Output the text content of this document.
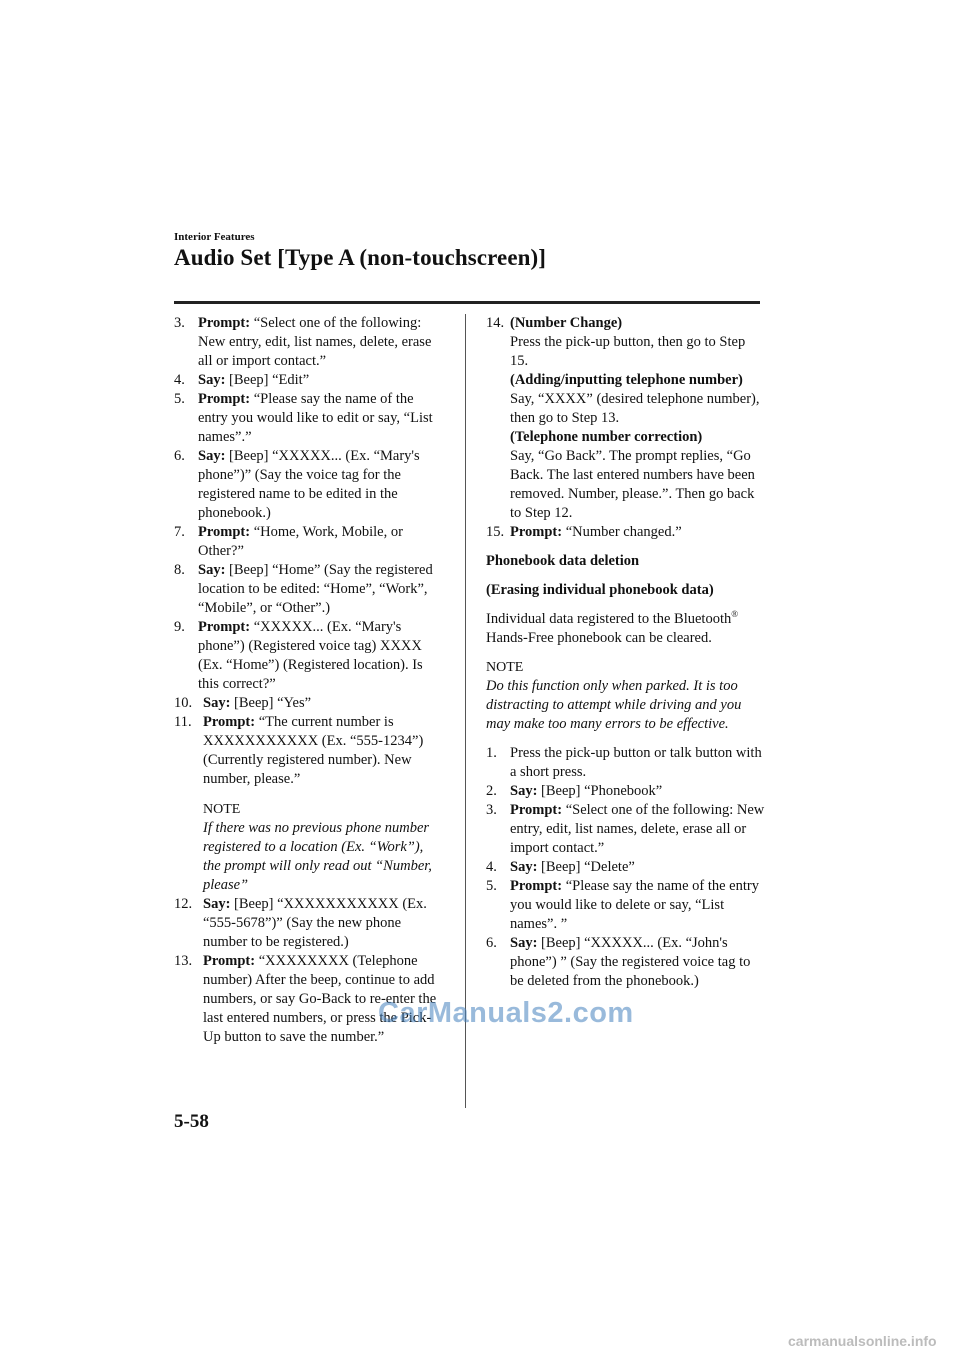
Interior Features
Audio Set [Type A (non-touchscreen)]
3. Prompt: “Select one of the following: New entry, edit, list names, delete, erase all or import contact.”
4. Say: [Beep] “Edit”
5. Prompt: “Please say the name of the entry you would like to edit or say, “List names”.”
6. Say: [Beep] “XXXXX... (Ex. “Mary's phone”)” (Say the voice tag for the registered name to be edited in the phonebook.)
7. Prompt: “Home, Work, Mobile, or Other?”
8. Say: [Beep] “Home” (Say the registered location to be edited: “Home”, “Work”, “Mobile”, or “Other”.)
9. Prompt: “XXXXX... (Ex. “Mary's phone”) (Registered voice tag) XXXX (Ex. “Home”) (Registered location). Is this correct?”
10. Say: [Beep] “Yes”
11. Prompt: “The current number is XXXXXXXXXXX (Ex. “555-1234”) (Currently registered number). New number, please.”
NOTE
If there was no previous phone number registered to a location (Ex. “Work”), the prompt will only read out “Number, please”
12. Say: [Beep] “XXXXXXXXXXX (Ex. “555-5678”)” (Say the new phone number to be registered.)
13. Prompt: “XXXXXXXX (Telephone number) After the beep, continue to add numbers, or say Go-Back to re-enter the last entered numbers, or press the Pick-Up button to save the number.”
14. (Number Change)
Press the pick-up button, then go to Step 15.
(Adding/inputting telephone number)
Say, “XXXX” (desired telephone number), then go to Step 13.
(Telephone number correction)
Say, “Go Back”. The prompt replies, “Go Back. The last entered numbers have been removed. Number, please.”. Then go back to Step 12.
15. Prompt: “Number changed.”
Phonebook data deletion
(Erasing individual phonebook data)
Individual data registered to the Bluetooth® Hands-Free phonebook can be cleared.
NOTE
Do this function only when parked. It is too distracting to attempt while driving and you may make too many errors to be effective.
1. Press the pick-up button or talk button with a short press.
2. Say: [Beep] “Phonebook”
3. Prompt: “Select one of the following: New entry, edit, list names, delete, erase all or import contact.”
4. Say: [Beep] “Delete”
5. Prompt: “Please say the name of the entry you would like to delete or say, “List names”. ”
6. Say: [Beep] “XXXXX... (Ex. “John's phone”) ” (Say the registered voice tag to be deleted from the phonebook.)
CarManuals2.com
5-58
carmanualsonline.info
